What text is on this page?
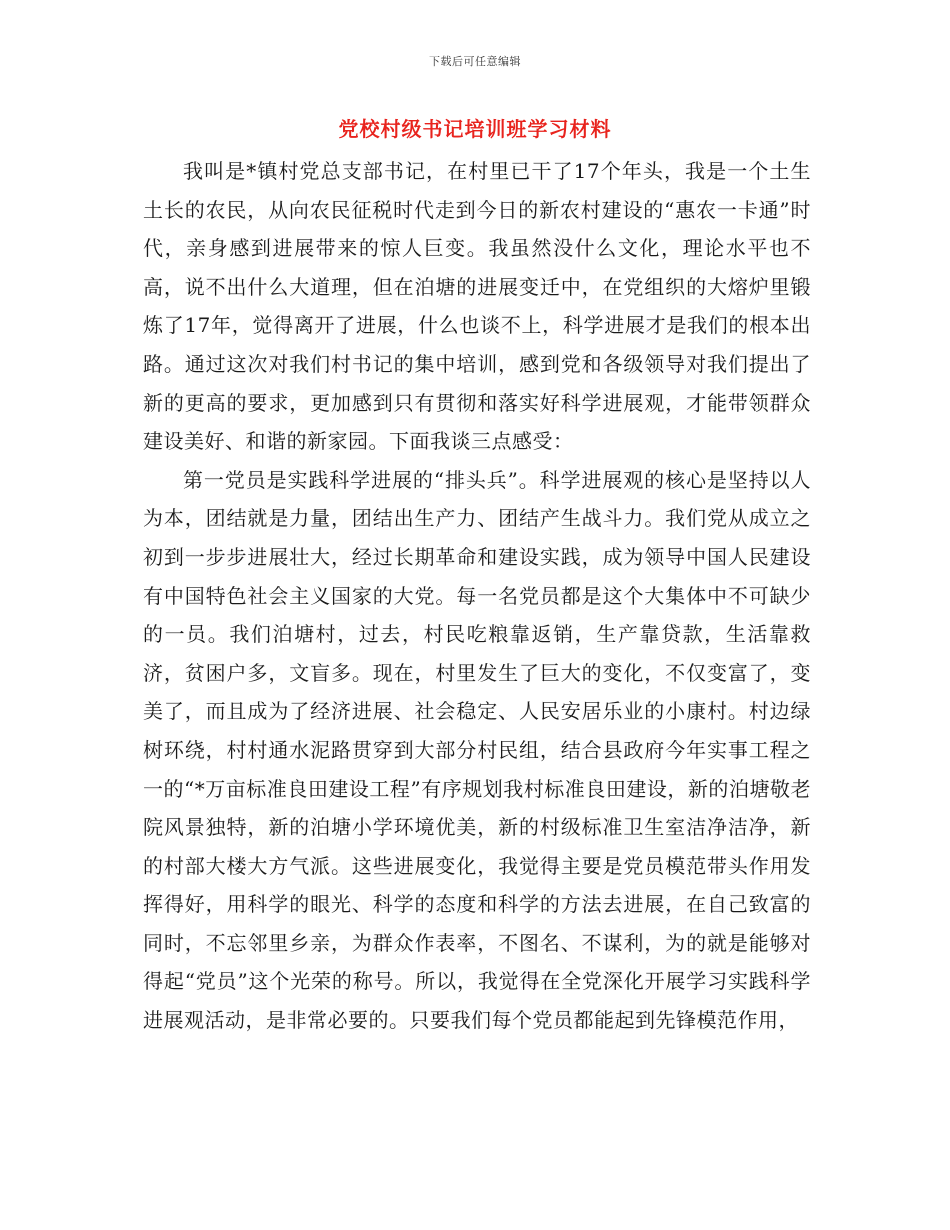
下载后可任意编辑
党校村级书记培训班学习材料

我叫是*镇村党总支部书记，在村里已干了17个年头，我是一个土生土长的农民，从向农民征税时代走到今日的新农村建设的“惠农一卡通”时代，亲身感到进展带来的惊人巨变。我虽然没什么文化，理论水平也不高，说不出什么大道理，但在泊塘的进展变迁中，在党组织的大熔炉里锻炼了17年，觉得离开了进展，什么也谈不上，科学进展才是我们的根本出路。通过这次对我们村书记的集中培训，感到党和各级领导对我们提出了新的更高的要求，更加感到只有贯彻和落实好科学进展观，才能带领群众建设美好、和谐的新家园。下面我谈三点感受：

第一党员是实践科学进展的“排头兵”。科学进展观的核心是坚持以人为本，团结就是力量，团结出生产力、团结产生战斗力。我们党从成立之初到一步步进展壮大，经过长期革命和建设实践，成为领导中国人民建设有中国特色社会主义国家的大党。每一名党员都是这个大集体中不可缺少的一员。我们泊塘村，过去，村民吃粮靠返销，生产靠贷款，生活靠救济，贫困户多，文盲多。现在，村里发生了巨大的变化，不仅变富了，变美了，而且成为了经济进展、社会稳定、人民安居乐业的小康村。村边绿树环绕，村村通水泥路贯穿到大部分村民组，结合县政府今年实事工程之一的“*万亩标准良田建设工程”有序规划我村标准良田建设，新的泊塘敬老院风景独特，新的泊塘小学环境优美，新的村级标准卫生室洁净洁净，新的村部大楼大方气派。这些进展变化，我觉得主要是党员模范带头作用发挥得好，用科学的眼光、科学的态度和科学的方法去进展，在自己致富的同时，不忘邻里乡亲，为群众作表率，不图名、不谋利，为的就是能够对得起“党员”这个光荣的称号。所以，我觉得在全党深化开展学习实践科学进展观活动，是非常必要的。只要我们每个党员都能起到先锋模范作用，
